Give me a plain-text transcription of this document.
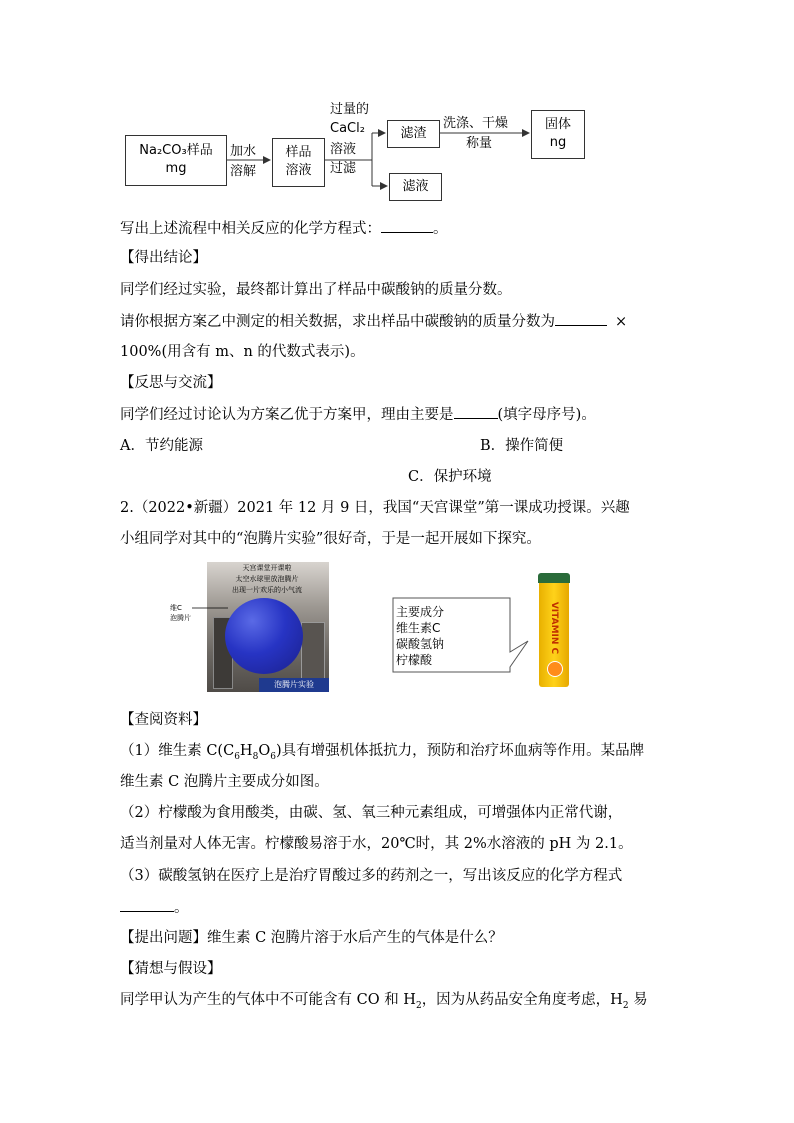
Na₂CO₃样品
mg
加水
溶解
样品
溶液
过量的
CaCl₂
溶液
过滤
滤渣
洗涤、干燥
称量
固体
ng
滤液
写出上述流程中相关反应的化学方程式：	。
【得出结论】
同学们经过实验，最终都计算出了样品中碳酸钠的质量分数。
请你根据方案乙中测定的相关数据，求出样品中碳酸钠的质量分数为	×
100%(用含有 m、n 的代数式表示)。
【反思与交流】
同学们经过讨论认为方案乙优于方案甲，理由主要是	(填字母序号)。
A．节约能源	B．操作简便
C．保护环境
2.（2022•新疆）2021 年 12 月 9 日，我国“天宫课堂”第一课成功授课。兴趣
小组同学对其中的“泡腾片实验”很好奇，于是一起开展如下探究。
泡腾片实验
天宫课堂开课啦
太空水球里放泡腾片
出现一片欢乐的小气流
维C
泡腾片	主要成分
维生素C
碳酸氢钠
柠檬酸
VITAMIN C
【查阅资料】
（1）维生素 $C(C_6H_8O_6)$具有增强机体抵抗力，预防和治疗坏血病等作用。某品牌
维生素 C 泡腾片主要成分如图。
（2）柠檬酸为食用酸类，由碳、氢、氧三种元素组成，可增强体内正常代谢，
适当剂量对人体无害。柠檬酸易溶于水，20℃时，其 2%水溶液的 pH 为 2.1。
（3）碳酸氢钠在医疗上是治疗胃酸过多的药剂之一，写出该反应的化学方程式
。
【提出问题】维生素 C 泡腾片溶于水后产生的气体是什么？
【猜想与假设】
同学甲认为产生的气体中不可能含有 CO 和 $H_2$，因为从药品安全角度考虑，$H_2$ 易
